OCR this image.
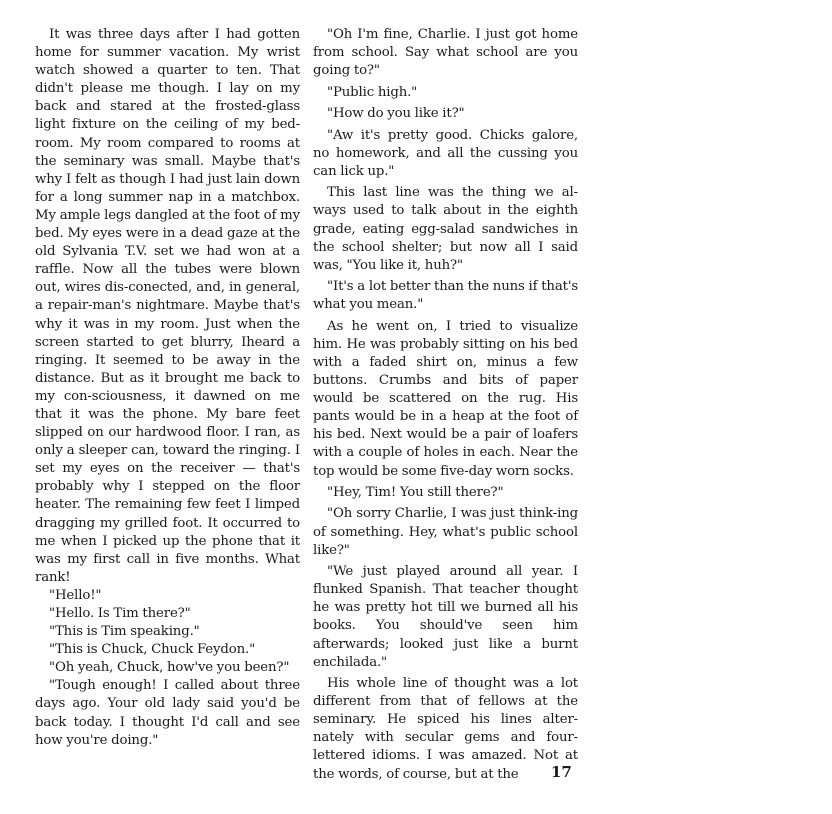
It was three days after I had gotten home for summer vacation. My wrist watch showed a quarter to ten. That didn't please me though. I lay on my back and stared at the frosted-glass light fixture on the ceiling of my bed-room. My room compared to rooms at the seminary was small. Maybe that's why I felt as though I had just lain down for a long summer nap in a matchbox. My ample legs dangled at the foot of my bed. My eyes were in a dead gaze at the old Sylvania T.V. set we had won at a raffle. Now all the tubes were blown out, wires dis-conected, and, in general, a repair-man's nightmare. Maybe that's why it was in my room. Just when the screen started to get blurry, Iheard a ringing. It seemed to be away in the distance. But as it brought me back to my con-sciousness, it dawned on me that it was the phone. My bare feet slipped on our hardwood floor. I ran, as only a sleeper can, toward the ringing. I set my eyes on the receiver — that's probably why I stepped on the floor heater. The remaining few feet I limped dragging my grilled foot. It occurred to me when I picked up the phone that it was my first call in five months. What rank!

"Hello!"

"Hello. Is Tim there?"

"This is Tim speaking."

"This is Chuck, Chuck Feydon."

"Oh yeah, Chuck, how've you been?"

"Tough enough! I called about three days ago. Your old lady said you'd be back today. I thought I'd call and see how you're doing."

"Oh I'm fine, Charlie. I just got home from school. Say what school are you going to?"

"Public high."

"How do you like it?"

"Aw it's pretty good. Chicks galore, no homework, and all the cussing you can lick up."

This last line was the thing we al-ways used to talk about in the eighth grade, eating egg-salad sandwiches in the school shelter; but now all I said was, "You like it, huh?"

"It's a lot better than the nuns if that's what you mean."

As he went on, I tried to visualize him. He was probably sitting on his bed with a faded shirt on, minus a few buttons. Crumbs and bits of paper would be scattered on the rug. His pants would be in a heap at the foot of his bed. Next would be a pair of loafers with a couple of holes in each. Near the top would be some five-day worn socks.

"Hey, Tim! You still there?"

"Oh sorry Charlie, I was just think-ing of something. Hey, what's public school like?"

"We just played around all year. I flunked Spanish. That teacher thought he was pretty hot till we burned all his books. You should've seen him afterwards; looked just like a burnt enchilada."

His whole line of thought was a lot different from that of fellows at the seminary. He spiced his lines alter-nately with secular gems and four-lettered idioms. I was amazed. Not at the words, of course, but at the	17
